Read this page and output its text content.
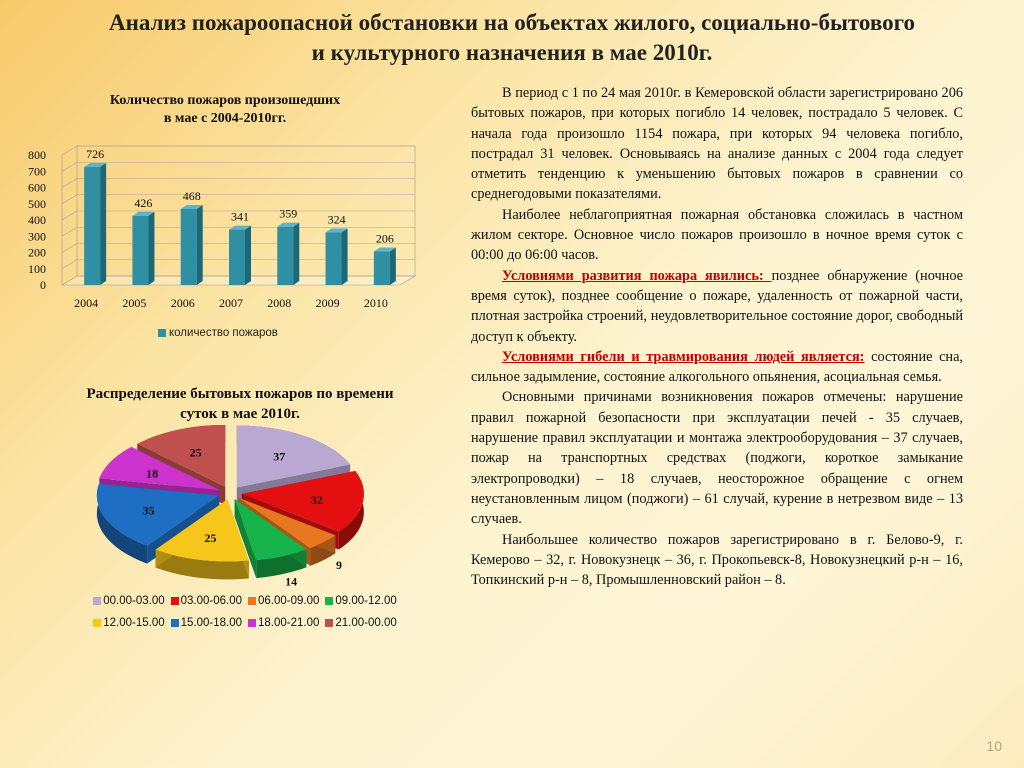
Анализ пожароопасной обстановки на объектах жилого, социально-бытового
и культурного назначения в мае 2010г.
Количество пожаров произошедших
в мае с 2004-2010гг.
0
100
200
300
400
500
600
700
800	726
2004
426
2005
468
2006
341
2007
359
2008
324
2009
206
2010
количество пожаров
Распределение бытовых пожаров по времени
суток в мае 2010г.
37
32
9
14
25
35
18
25
00.00-03.00 03.00-06.00 06.00-09.00 09.00-12.00
12.00-15.00 15.00-18.00 18.00-21.00 21.00-00.00

В период с 1 по 24 мая 2010г. в Кемеровской области зарегистрировано 206 бытовых пожаров, при которых погибло 14 человек, пострадало 5 человек. С начала года произошло 1154 пожара, при которых 94 человека погибло, пострадал 31 человек. Основываясь на анализе данных с 2004 года следует отметить тенденцию к уменьшению бытовых пожаров в сравнении со среднегодовыми показателями.

Наиболее неблагоприятная пожарная обстановка сложилась в частном жилом секторе. Основное число пожаров произошло в ночное время суток с 00:00 до 06:00 часов.

Условиями развития пожара явились: позднее обнаружение (ночное время суток), позднее сообщение о пожаре, удаленность от пожарной части, плотная застройка строений, неудовлетворительное состояние дорог, свободный доступ к объекту.

Условиями гибели и травмирования людей является: состояние сна, сильное задымление, состояние алкогольного опьянения, асоциальная семья.

Основными причинами возникновения пожаров отмечены: нарушение правил пожарной безопасности при эксплуатации печей - 35 случаев, нарушение правил эксплуатации и монтажа электрооборудования – 37 случаев, пожар на транспортных средствах (поджоги, короткое замыкание электропроводки) – 18 случаев, неосторожное обращение с огнем неустановленным лицом (поджоги) – 61 случай, курение в нетрезвом виде – 13 случаев.

Наибольшее количество пожаров зарегистрировано в г. Белово-9, г. Кемерово – 32, г. Новокузнецк – 36, г. Прокопьевск-8, Новокузнецкий р-н – 16, Топкинский р-н – 8, Промышленновский район – 8.

10
